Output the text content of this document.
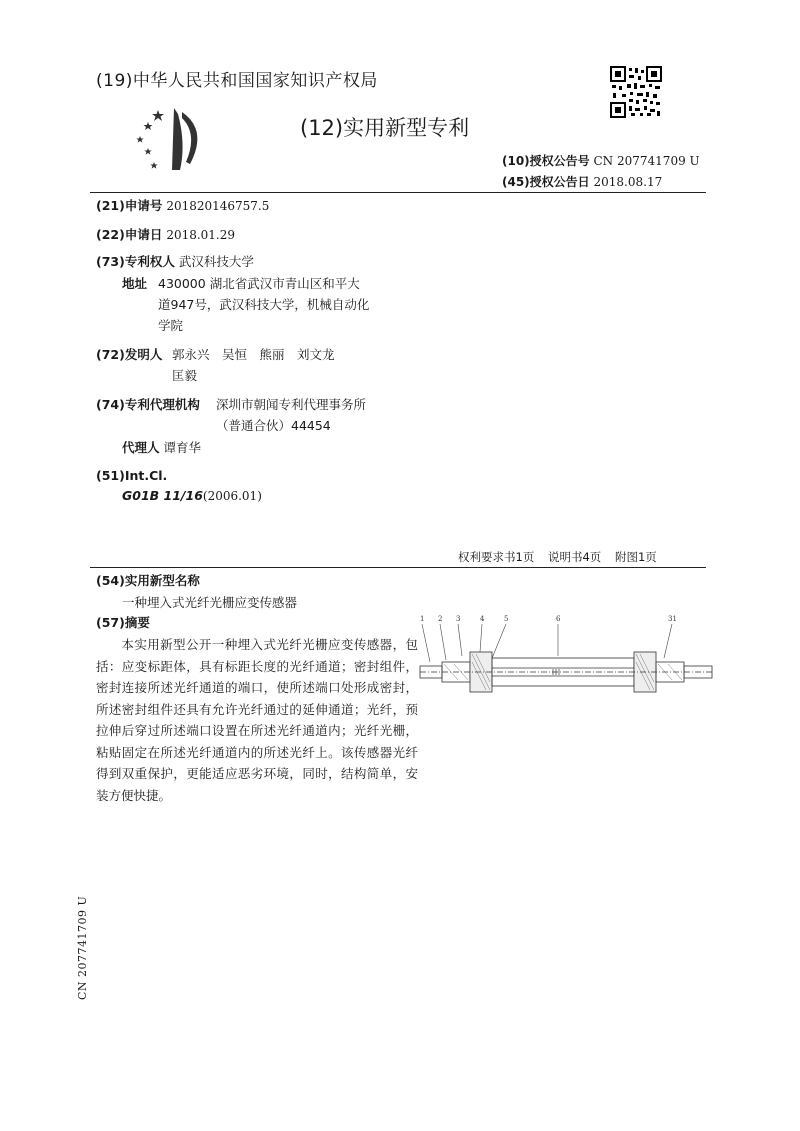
(19)中华人民共和国国家知识产权局
(12)实用新型专利
(10)授权公告号 CN 207741709 U
(45)授权公告日 2018.08.17
(21)申请号 201820146757.5
(22)申请日 2018.01.29
(73)专利权人 武汉科技大学
地址 430000 湖北省武汉市青山区和平大
道947号，武汉科技大学，机械自动化
学院
(72)发明人 郭永兴　吴恒　熊丽　刘文龙
匡毅
(74)专利代理机构 深圳市朝闻专利代理事务所
（普通合伙）44454
代理人 谭育华
(51)Int.Cl.
G01B 11/16(2006.01)
权利要求书1页 说明书4页 附图1页
(54)实用新型名称
一种埋入式光纤光栅应变传感器
(57)摘要
本实用新型公开一种埋入式光纤光栅应变传感器，包括：应变标距体，具有标距长度的光纤通道；密封组件，密封连接所述光纤通道的端口，使所述端口处形成密封，所述密封组件还具有允许光纤通过的延伸通道；光纤，预拉伸后穿过所述端口设置在所述光纤通道内；光纤光栅，粘贴固定在所述光纤通道内的所述光纤上。该传感器光纤得到双重保护，更能适应恶劣环境，同时，结构简单，安装方便快捷。
1 2 3	4	5	6	31
CN 207741709 U
